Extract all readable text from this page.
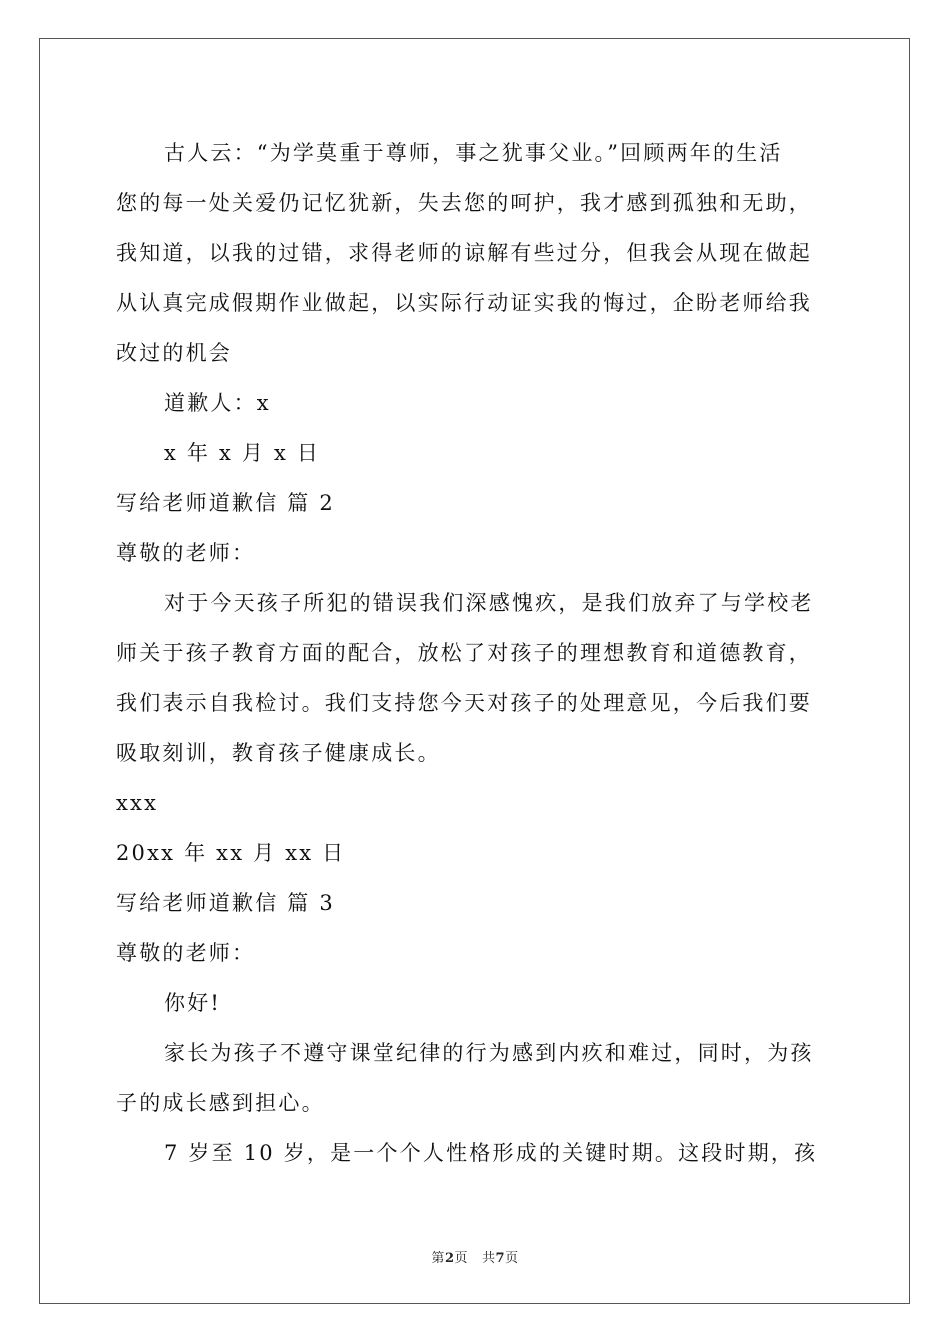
古人云：“为学莫重于尊师，事之犹事父业。”回顾两年的生活
您的每一处关爱仍记忆犹新，失去您的呵护，我才感到孤独和无助，
我知道，以我的过错，求得老师的谅解有些过分，但我会从现在做起
从认真完成假期作业做起，以实际行动证实我的悔过，企盼老师给我
改过的机会
道歉人：x
x 年 x 月 x 日
写给老师道歉信 篇 2
尊敬的老师：
对于今天孩子所犯的错误我们深感愧疚，是我们放弃了与学校老
师关于孩子教育方面的配合，放松了对孩子的理想教育和道德教育，
我们表示自我检讨。我们支持您今天对孩子的处理意见，今后我们要
吸取刻训，教育孩子健康成长。
xxx
20xx 年 xx 月 xx 日
写给老师道歉信 篇 3
尊敬的老师：
你好!
家长为孩子不遵守课堂纪律的行为感到内疚和难过，同时，为孩
子的成长感到担心。
7 岁至 10 岁，是一个个人性格形成的关键时期。这段时期，孩
第2页 共7页
